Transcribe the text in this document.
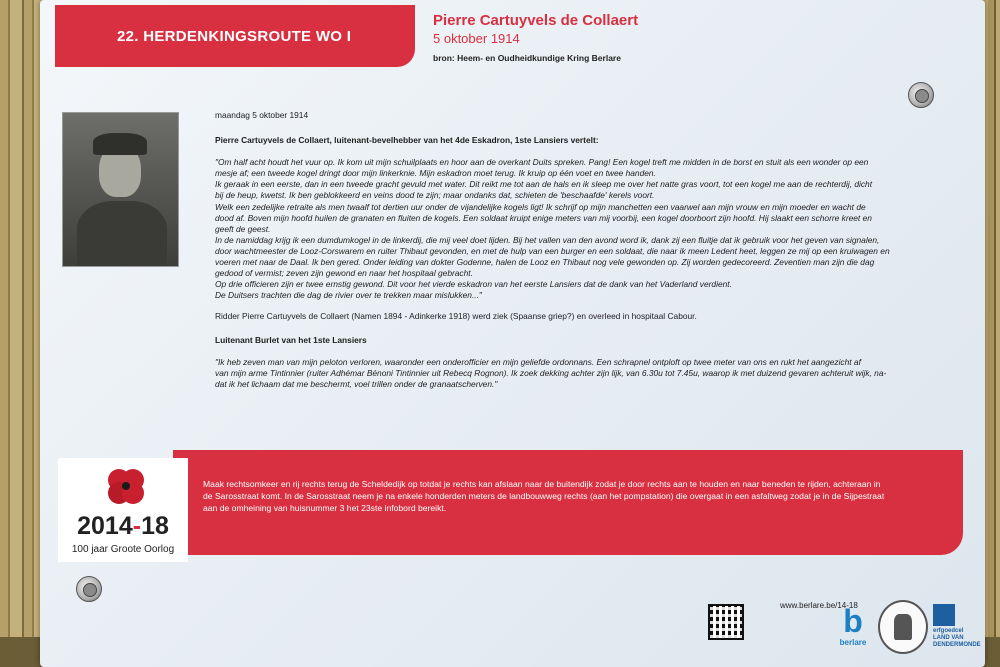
22. HERDENKINGSROUTE WO I
Pierre Cartuyvels de Collaert
5 oktober 1914
bron: Heem- en Oudheidkundige Kring Berlare
maandag 5 oktober 1914
Pierre Cartuyvels de Collaert, luitenant-bevelhebber van het 4de Eskadron, 1ste Lansiers vertelt:
"Om half acht houdt het vuur op. Ik kom uit mijn schuilplaats en hoor aan de overkant Duits spreken. Pang! Een kogel treft me midden in de borst en stuit als een wonder op een
mesje af; een tweede kogel dringt door mijn linkerknie. Mijn eskadron moet terug. Ik kruip op één voet en twee handen.
Ik geraak in een eerste, dan in een tweede gracht gevuld met water. Dit reikt me tot aan de hals en ik sleep me over het natte gras voort, tot een kogel me aan de rechterdij, dicht
bij de heup, kwetst. Ik ben geblokkeerd en veins dood te zijn; maar ondanks dat, schieten de 'beschaafde' kerels voort.
Welk een zedelijke retraite als men twaalf tot dertien uur onder de vijandelijke kogels ligt! Ik schrijf op mijn manchetten een vaarwel aan mijn vrouw en mijn moeder en wacht de
dood af. Boven mijn hoofd huilen de granaten en fluiten de kogels. Een soldaat kruipt enige meters van mij voorbij, een kogel doorboort zijn hoofd. Hij slaakt een schorre kreet en
geeft de geest.
In de namiddag krijg ik een dumdumkogel in de linkerdij, die mij veel doet lijden. Bij het vallen van den avond word ik, dank zij een fluitje dat ik gebruik voor het geven van signalen,
door wachtmeester de Looz-Corswarem en ruiter Thibaut gevonden, en met de hulp van een burger en een soldaat, die naar ik meen Ledent heet, leggen ze mij op een kruiwagen en
voeren met naar de Daal. Ik ben gered. Onder leiding van dokter Godenne, halen de Looz en Thibaut nog vele gewonden op. Zij worden gedecoreerd. Zeventien man zijn die dag
gedood of vermist; zeven zijn gewond en naar het hospitaal gebracht.
Op drie officieren zijn er twee ernstig gewond. Dit voor het vierde eskadron van het eerste Lansiers dat de dank van het Vaderland verdient.
De Duitsers trachten die dag de rivier over te trekken maar mislukken..."
Ridder Pierre Cartuyvels de Collaert (Namen 1894 - Adinkerke 1918) werd ziek (Spaanse griep?) en overleed in hospitaal Cabour.
Luitenant Burlet van het 1ste Lansiers
"Ik heb zeven man van mijn peloton verloren, waaronder een onderofficier en mijn geliefde ordonnans. Een schrapnel ontploft op twee meter van ons en rukt het aangezicht af
van mijn arme Tintinnier (ruiter Adhémar Bénoni Tintinnier uit Rebecq Rognon). Ik zoek dekking achter zijn lijk, van 6.30u tot 7.45u, waarop ik met duizend gevaren achteruit wijk, na-
dat ik het lichaam dat me beschermt, voel trillen onder de granaatscherven."
Maak rechtsomkeer en rij rechts terug de Scheldedijk op totdat je rechts kan afslaan naar de buitendijk zodat je door rechts aan te houden en naar beneden te rijden, achteraan in
de Sarosstraat komt. In de Sarosstraat neem je na enkele honderden meters de landbouwweg rechts (aan het pompstation) die overgaat in een asfaltweg zodat je in de Sijpestraat
aan de omheining van huisnummer 3 het 23ste infobord bereikt.
2014-18
100 jaar Groote Oorlog
www.berlare.be/14-18
b
berlare
erfgoedcel
LAND VAN
DENDERMONDE
